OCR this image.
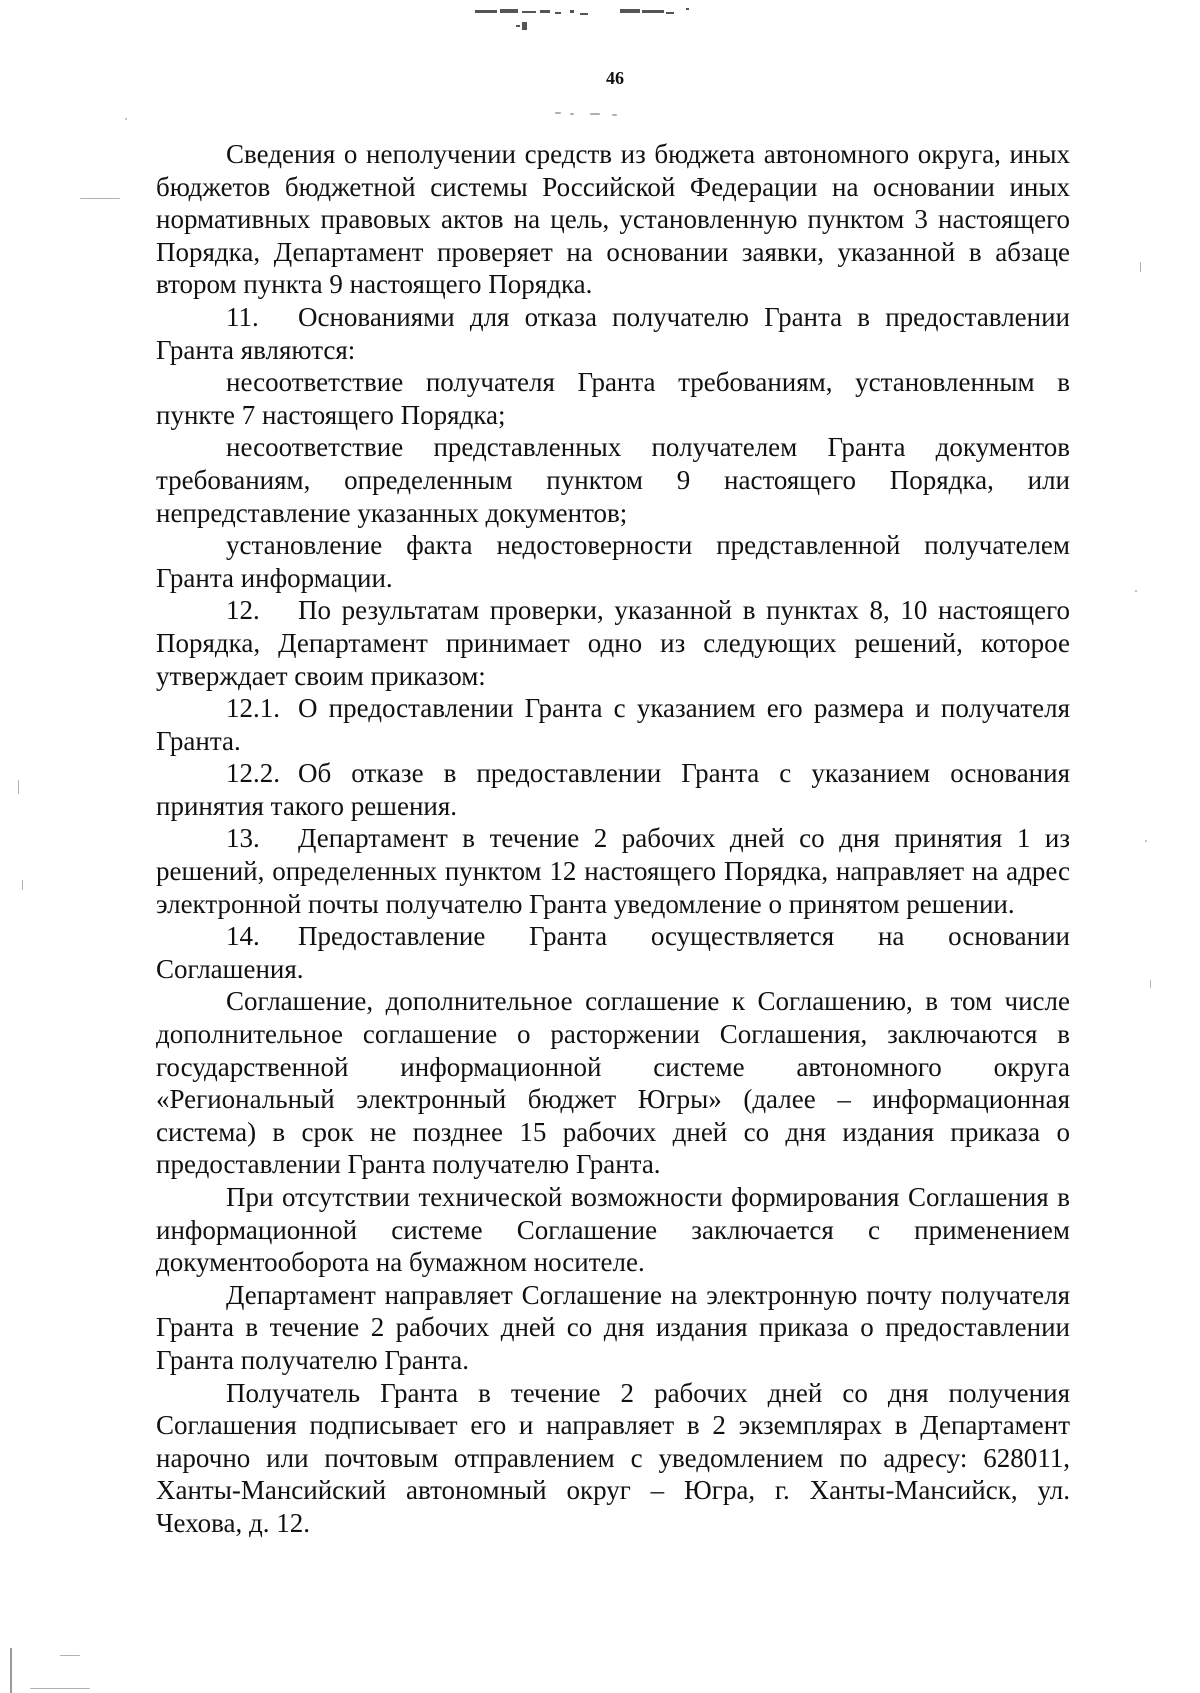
46

Сведения о неполучении средств из бюджета автономного округа, иных бюджетов бюджетной системы Российской Федерации на основании иных нормативных правовых актов на цель, установленную пунктом 3 настоящего Порядка, Департамент проверяет на основании заявки, указанной в абзаце втором пункта 9 настоящего Порядка.

11. Основаниями для отказа получателю Гранта в предоставлении Гранта являются:

несоответствие получателя Гранта требованиям, установленным в пункте 7 настоящего Порядка;

несоответствие представленных получателем Гранта документов требованиям, определенным пунктом 9 настоящего Порядка, или непредставление указанных документов;

установление факта недостоверности представленной получателем Гранта информации.

12. По результатам проверки, указанной в пунктах 8, 10 настоящего Порядка, Департамент принимает одно из следующих решений, которое утверждает своим приказом:

12.1. О предоставлении Гранта с указанием его размера и получателя Гранта.

12.2. Об отказе в предоставлении Гранта с указанием основания принятия такого решения.

13. Департамент в течение 2 рабочих дней со дня принятия 1 из решений, определенных пунктом 12 настоящего Порядка, направляет на адрес электронной почты получателю Гранта уведомление о принятом решении.

14. Предоставление Гранта осуществляется на основании Соглашения.

Соглашение, дополнительное соглашение к Соглашению, в том числе дополнительное соглашение о расторжении Соглашения, заключаются в государственной информационной системе автономного округа «Региональный электронный бюджет Югры» (далее – информационная система) в срок не позднее 15 рабочих дней со дня издания приказа о предоставлении Гранта получателю Гранта.

При отсутствии технической возможности формирования Соглашения в информационной системе Соглашение заключается с применением документооборота на бумажном носителе.

Департамент направляет Соглашение на электронную почту получателя Гранта в течение 2 рабочих дней со дня издания приказа о предоставлении Гранта получателю Гранта.

Получатель Гранта в течение 2 рабочих дней со дня получения Соглашения подписывает его и направляет в 2 экземплярах в Департамент нарочно или почтовым отправлением с уведомлением по адресу: 628011, Ханты-Мансийский автономный округ – Югра, г. Ханты-Мансийск, ул. Чехова, д. 12.
